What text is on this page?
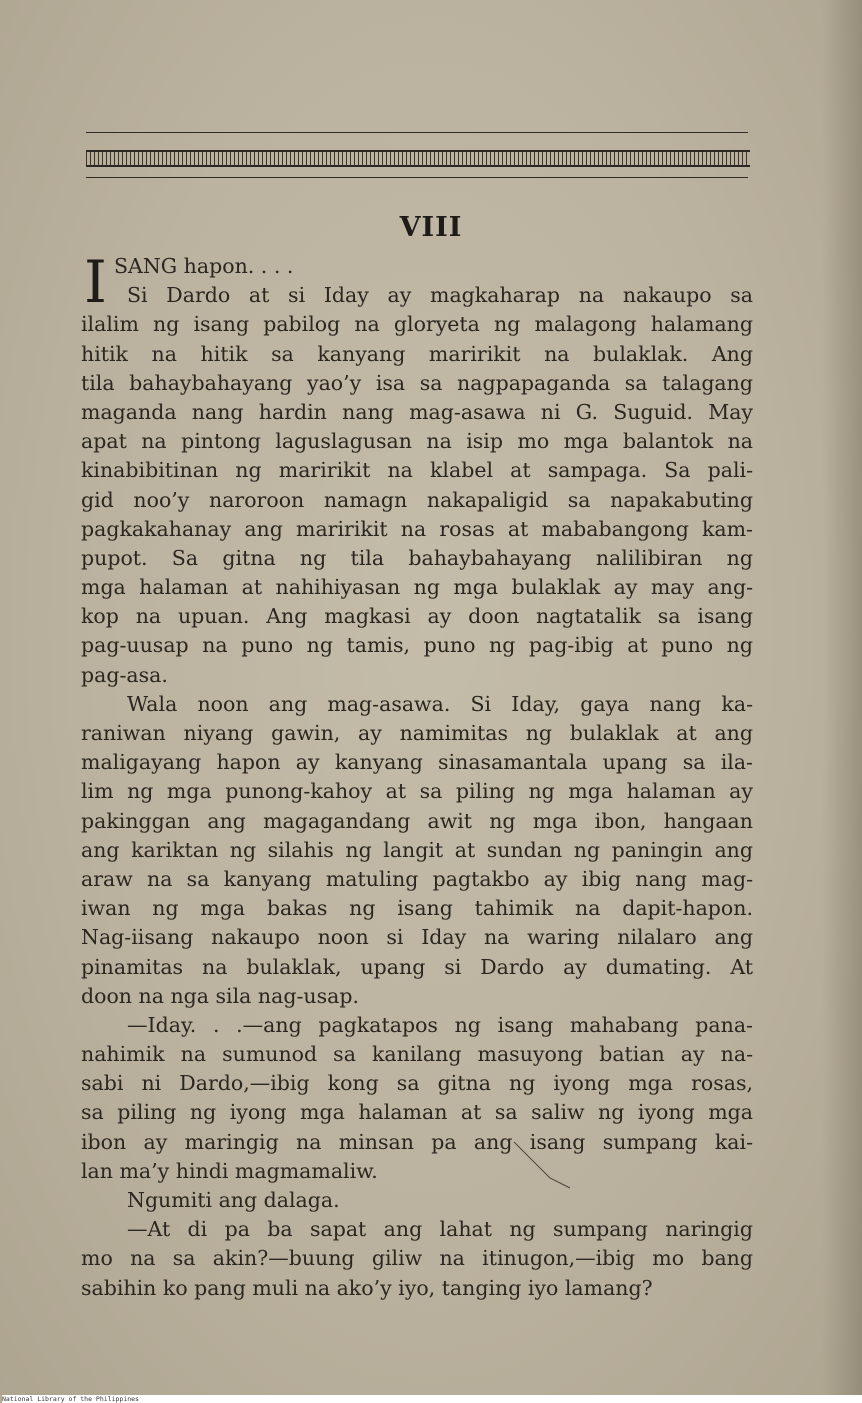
VIII
I SANG hapon. . . .
Si Dardo at si Iday ay magkaharap na nakaupo sa
ilalim ng isang pabilog na gloryeta ng malagong halamang
hitik na hitik sa kanyang maririkit na bulaklak. Ang
tila bahaybahayang yao’y isa sa nagpapaganda sa talagang
maganda nang hardin nang mag-asawa ni G. Suguid. May
apat na pintong laguslagusan na isip mo mga balantok na
kinabibitinan ng maririkit na klabel at sampaga. Sa pali-
gid noo’y naroroon namagn nakapaligid sa napakabuting
pagkakahanay ang maririkit na rosas at mababangong kam-
pupot. Sa gitna ng tila bahaybahayang nalilibiran ng
mga halaman at nahihiyasan ng mga bulaklak ay may ang-
kop na upuan. Ang magkasi ay doon nagtatalik sa isang
pag-uusap na puno ng tamis, puno ng pag-ibig at puno ng
pag-asa.
Wala noon ang mag-asawa. Si Iday, gaya nang ka-
raniwan niyang gawin, ay namimitas ng bulaklak at ang
maligayang hapon ay kanyang sinasamantala upang sa ila-
lim ng mga punong-kahoy at sa piling ng mga halaman ay
pakinggan ang magagandang awit ng mga ibon, hangaan
ang kariktan ng silahis ng langit at sundan ng paningin ang
araw na sa kanyang matuling pagtakbo ay ibig nang mag-
iwan ng mga bakas ng isang tahimik na dapit-hapon.
Nag-iisang nakaupo noon si Iday na waring nilalaro ang
pinamitas na bulaklak, upang si Dardo ay dumating. At
doon na nga sila nag-usap.
—Iday. . .—ang pagkatapos ng isang mahabang pana-
nahimik na sumunod sa kanilang masuyong batian ay na-
sabi ni Dardo,—ibig kong sa gitna ng iyong mga rosas,
sa piling ng iyong mga halaman at sa saliw ng iyong mga
ibon ay maringig na minsan pa ang isang sumpang kai-
lan ma’y hindi magmamaliw.
Ngumiti ang dalaga.
—At di pa ba sapat ang lahat ng sumpang naringig
mo na sa akin?—buung giliw na itinugon,—ibig mo bang
sabihin ko pang muli na ako’y iyo, tanging iyo lamang?
National Library of the Philippines
